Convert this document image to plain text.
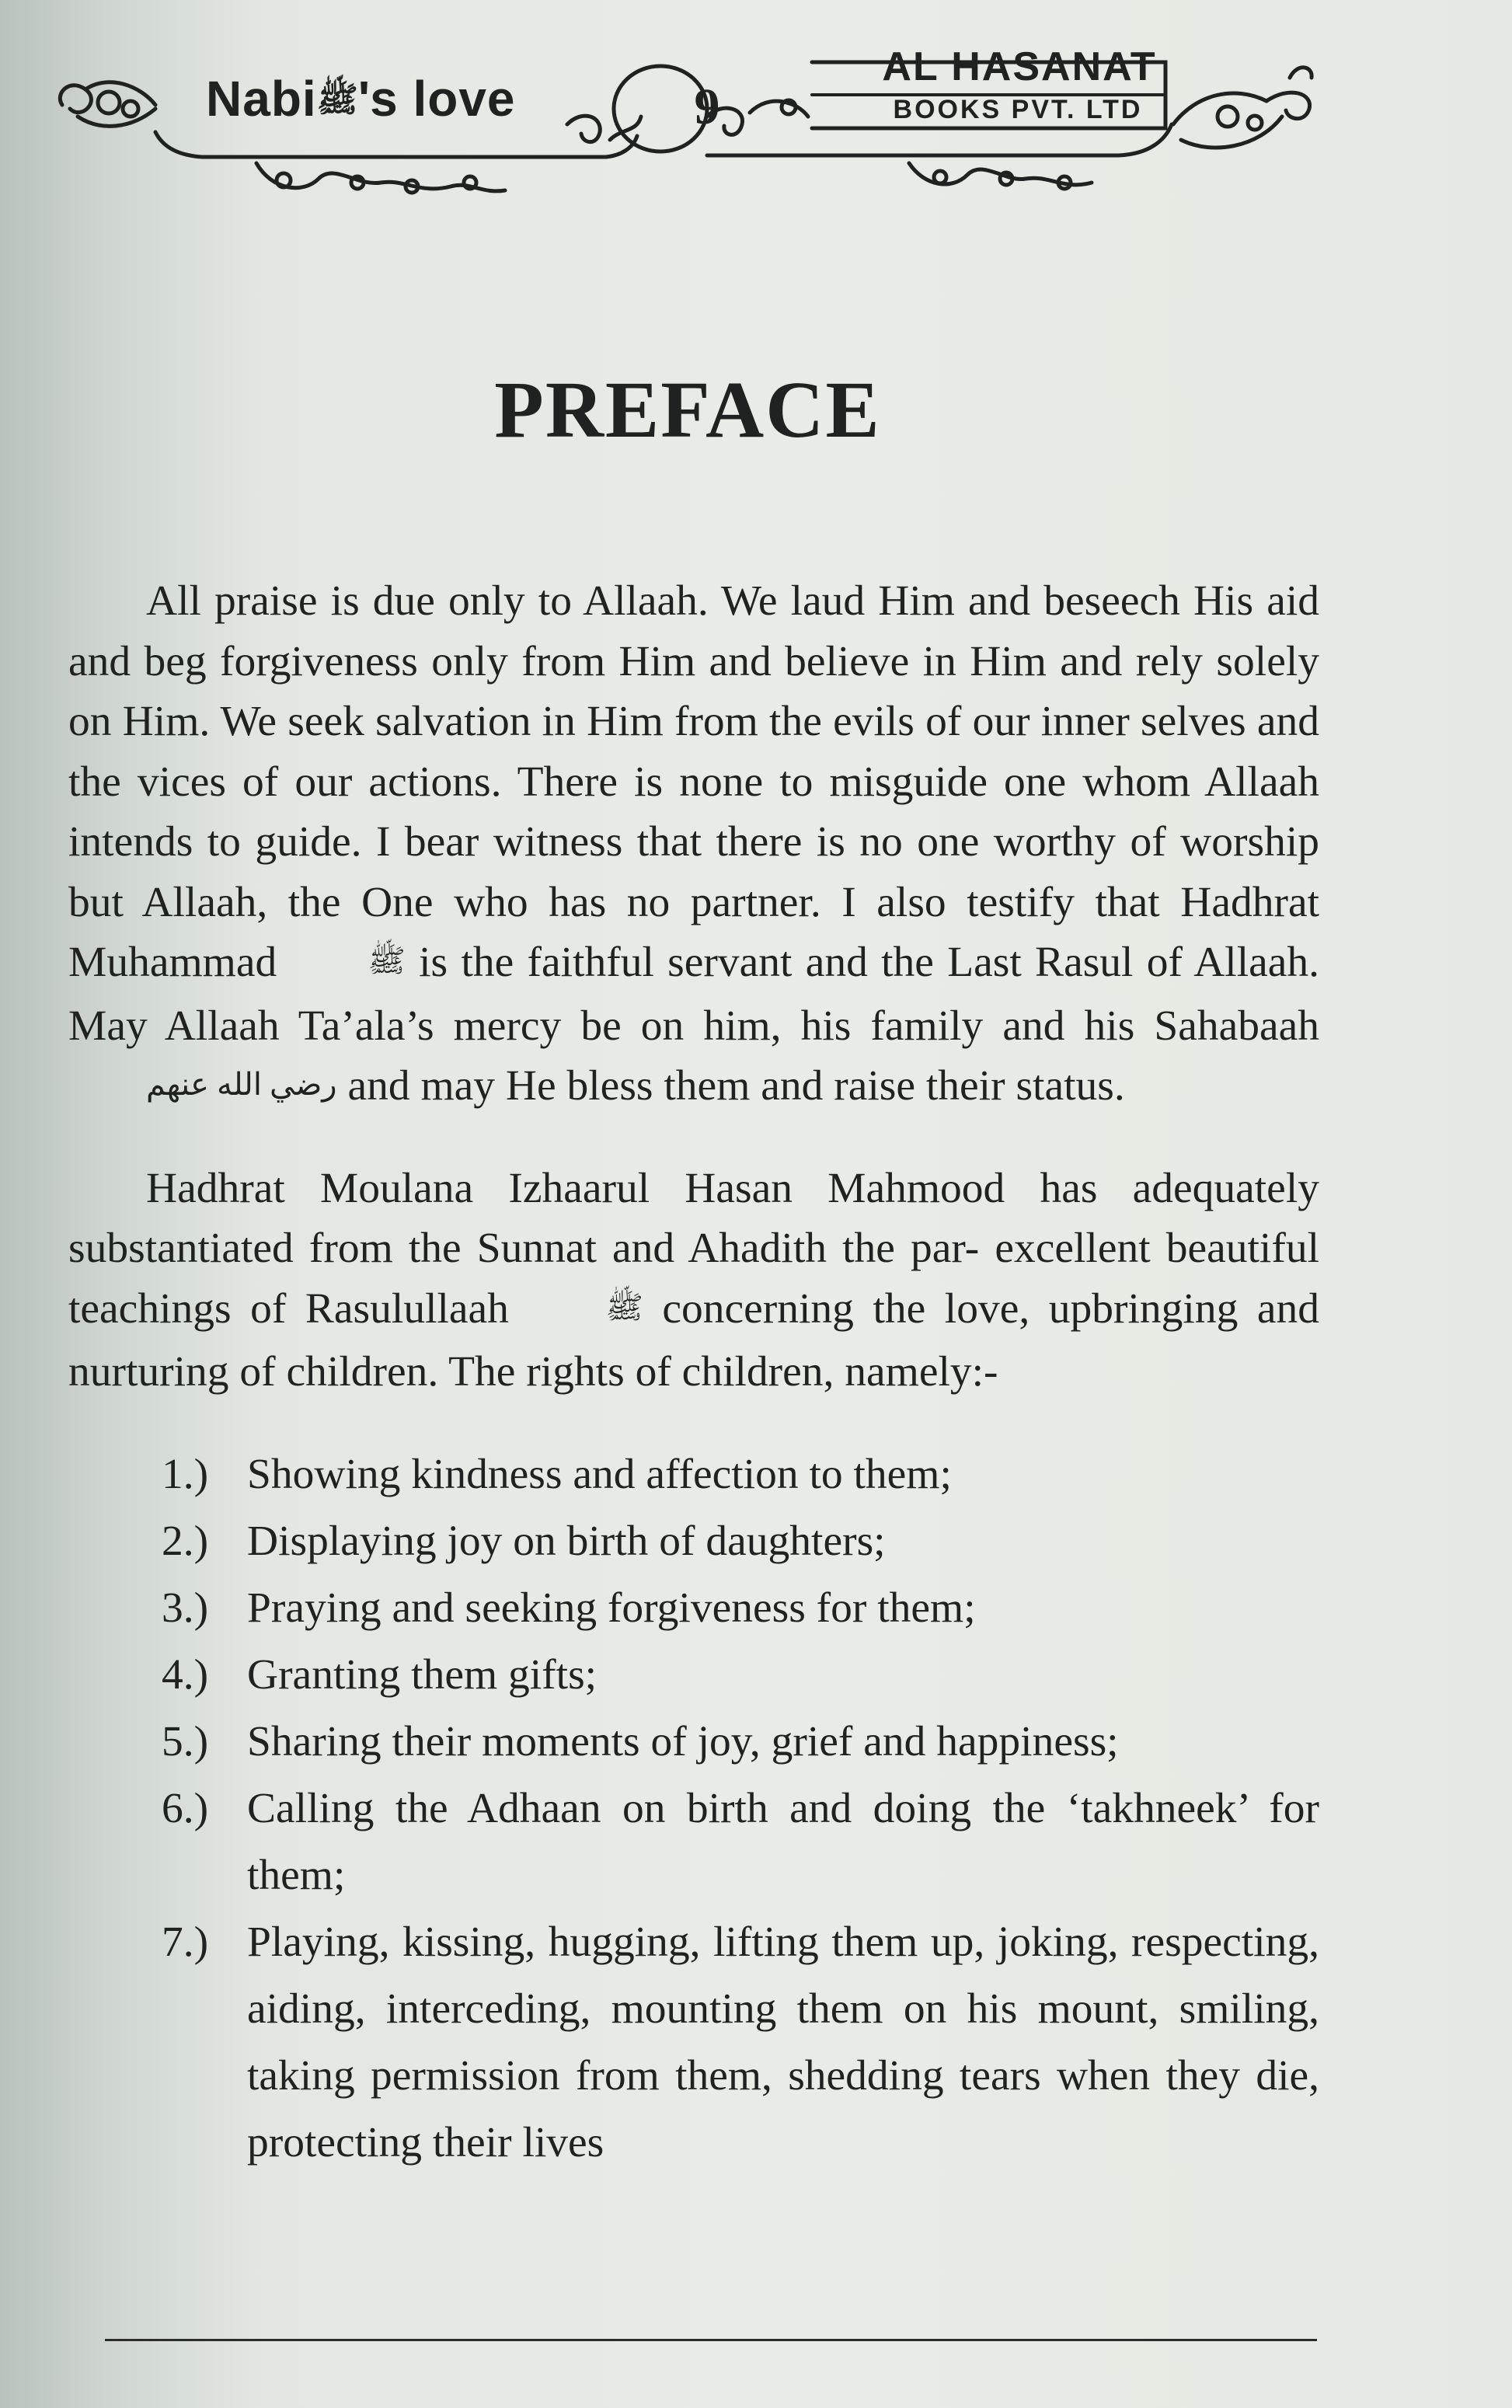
Nabiﷺ's love	9
AL HASANAT
BOOKS PVT. LTD
PREFACE

All praise is due only to Allaah. We laud Him and beseech His aid and beg forgiveness only from Him and believe in Him and rely solely on Him. We seek salvation in Him from the evils of our inner selves and the vices of our actions. There is none to misguide one whom Allaah intends to guide. I bear witness that there is no one worthy of worship but Allaah, the One who has no partner. I also testify that Hadhrat Muhammad	ﷺ is the faithful servant and the Last Rasul of Allaah. May Allaah Ta’ala’s mercy be on him, his family and his Sahabaah رضي الله عنهم and may He bless them and raise their status.

Hadhrat Moulana Izhaarul Hasan Mahmood has adequately substantiated from the Sunnat and Ahadith the par- excellent beautiful teachings of Rasulullaah	ﷺ concerning the love, upbringing and nurturing of children. The rights of children, namely:-

1.) Showing kindness and affection to them;
2.) Displaying joy on birth of daughters;
3.) Praying and seeking forgiveness for them;
4.) Granting them gifts;
5.) Sharing their moments of joy, grief and happiness;
6.) Calling the Adhaan on birth and doing the ‘takhneek’ for them;
7.) Playing, kissing, hugging, lifting them up, joking, respecting, aiding, interceding, mounting them on his mount, smiling, taking permission from them, shedding tears when they die, protecting their lives
